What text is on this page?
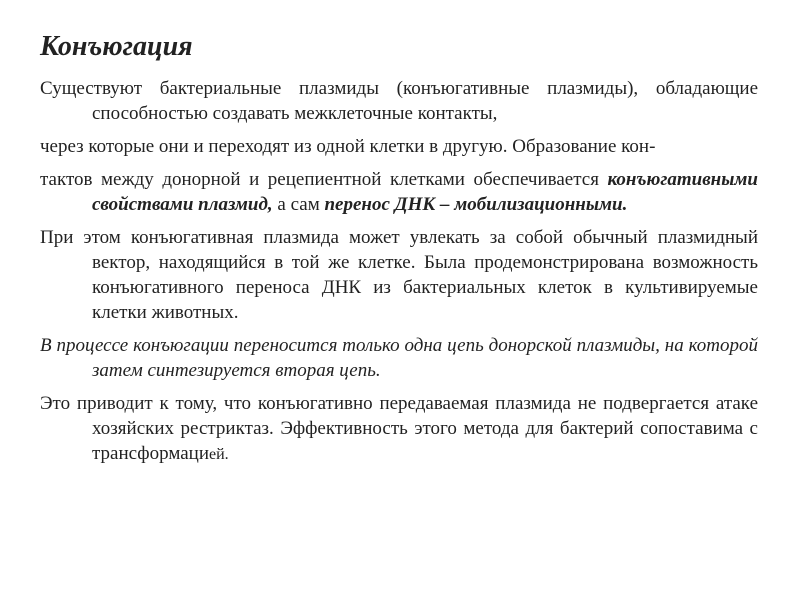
Конъюгация

Существуют бактериальные плазмиды (конъюгативные плазмиды), обладающие способностью создавать межклеточные контакты,

через которые они и переходят из одной клетки в другую. Образование кон-

тактов между донорной и рецепиентной клетками обеспечивается конъюгативными свойствами плазмид, а сам перенос ДНК – мобилизационными.

При этом конъюгативная плазмида может увлекать за собой обычный плазмидный вектор, находящийся в той же клетке. Была продемонстрирована возможность конъюгативного переноса ДНК из бактериальных клеток в культивируемые клетки животных.

В процессе конъюгации переносится только одна цепь донорской плазмиды, на которой затем синтезируется вторая цепь.

Это приводит к тому, что конъюгативно передаваемая плазмида не подвергается атаке хозяйских рестриктаз. Эффективность этого метода для бактерий сопоставима с трансформацией.
